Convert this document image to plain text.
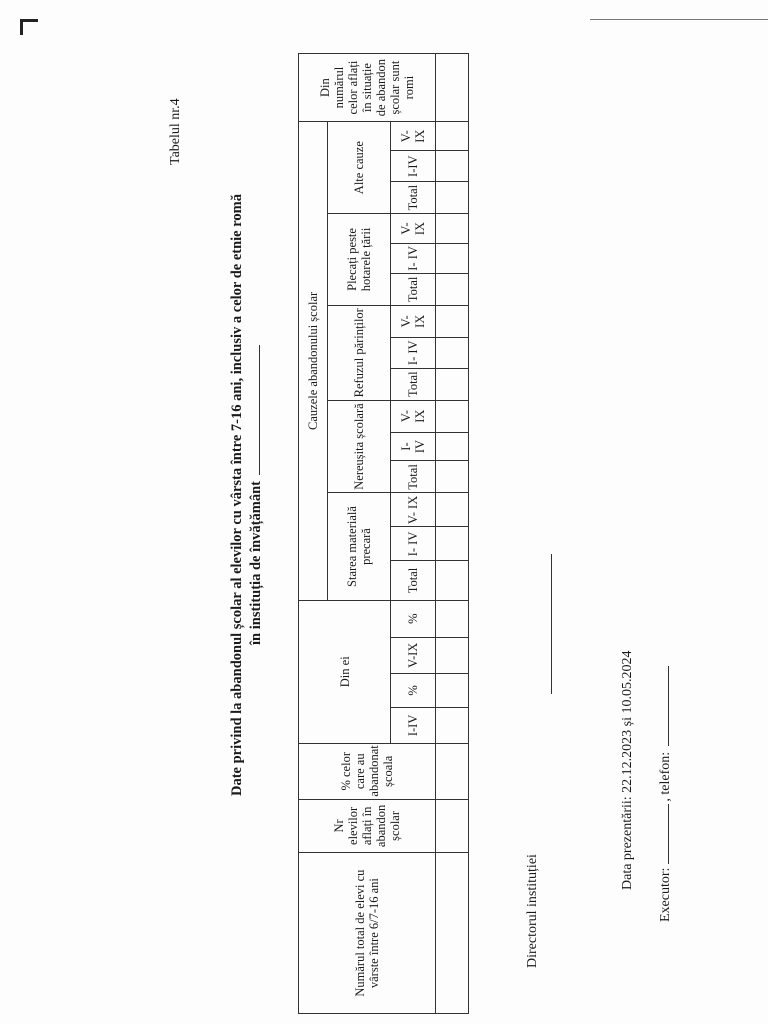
Tabelul nr.4
Date privind la abandonul școlar al elevilor cu vârsta între 7-16 ani, inclusiv a celor de etnie romă în instituția de învățământ
Numărul total de elevi cu vârste între 6/7-16 ani	Nr elevilor aflați în abandon școlar	% celor care au abandonat școala	Din ei				Cauzele abandonului școlar															Din numărul celor aflați în situație de abandon școlar sunt romi
							Starea materială precară			Nereușita școlară			Refuzul părinților			Plecați peste hotarele țării			Alte cauze			
			I-IV	%	V-IX	%	Total	I- IV	V- IX	Total	I- IV	V- IX	Total	I- IV	V- IX	Total	I- IV	V- IX	Total	I-IV	V-IX	

Directorul instituției
Data prezentării: 22.12.2023 și 10.05.2024
Executor:
, telefon:
